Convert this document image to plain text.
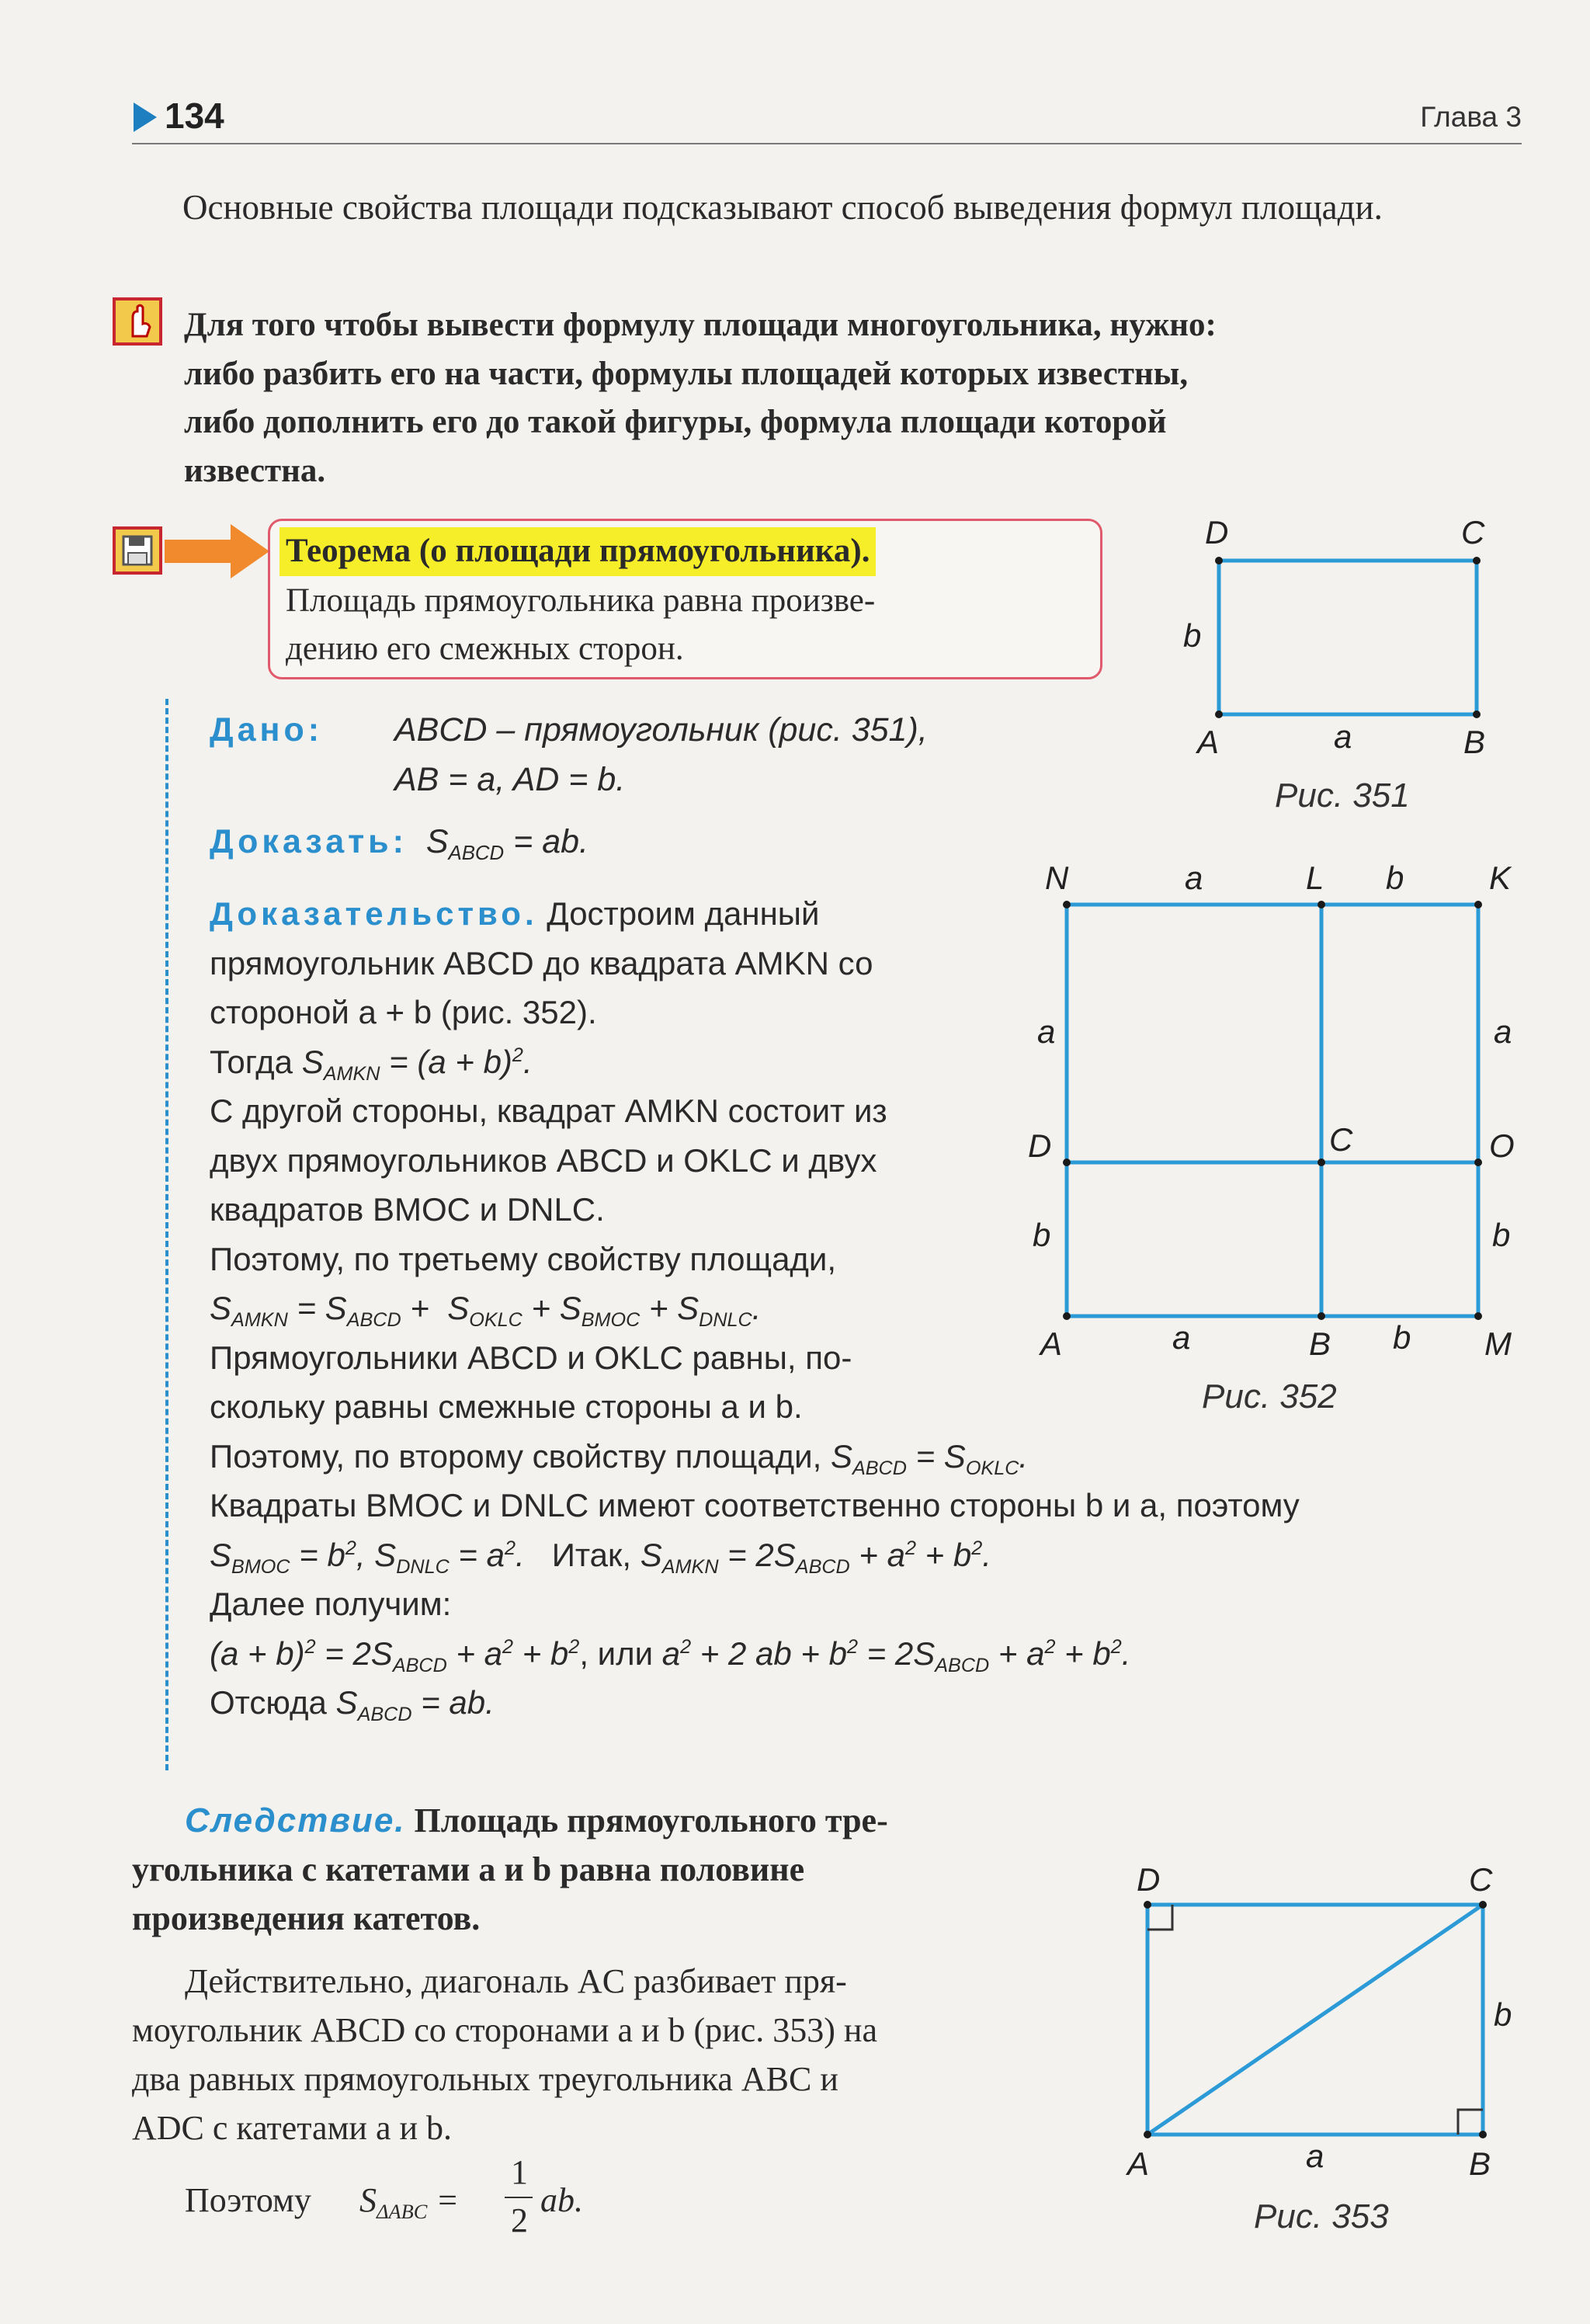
134	Глава 3
Основные свойства площади подсказывают способ выведения формул площади.
Для того чтобы вывести формулу площади многоугольника, нужно:
либо разбить его на части, формулы площадей которых известны,
либо дополнить его до такой фигуры, формула площади которой
известна.
Теорема (о площади прямоугольника).
Площадь прямоугольника равна произве-
дению его смежных сторон.
Дано: ABCD – прямоугольник (рис. 351),
AB = a, AD = b.
Доказать:  $S_{ABCD}$ = ab.
Доказательство. Достроим данный
прямоугольник ABCD до квадрата AMKN со
стороной a + b (рис. 352).
Тогда $S_{AMKN} = (a + b)^2$.
С другой стороны, квадрат AMKN состоит из
двух прямоугольников ABCD и OKLC и двух
квадратов BMOC и DNLC.
Поэтому, по третьему свойству площади,
$S_{AMKN} = S_{ABCD} + S_{OKLC} + S_{BMOC} + S_{DNLC}$.
Прямоугольники ABCD и OKLC равны, по-
скольку равны смежные стороны a и b.
Поэтому, по второму свойству площади, $S_{ABCD} = S_{OKLC}$.
Квадраты BMOC и DNLC имеют соответственно стороны b и a, поэтому
$S_{BMOC} = b^2$, $S_{DNLC} = a^2$.   Итак, $S_{AMKN} = 2S_{ABCD} + a^2 + b^2$.
Далее получим:
$(a + b)^2 = 2S_{ABCD} + a^2 + b^2$, или $a^2 + 2$ ab + $b^2 = 2S_{ABCD} + a^2 + b^2$.
Отсюда $S_{ABCD}$ = ab.
Следствие. Площадь прямоугольного тре-
угольника с катетами a и b равна половине
произведения катетов.
Действительно, диагональ AC разбивает пря-
моугольник ABCD со сторонами a и b (рис. 353) на
два равных прямоугольных треугольника ABC и
ADC с катетами a и b.
Поэтому $S_{\Delta ABC}$ =
1
2
ab.
D	C
A	B
a
b
Рис. 351
N	L	K
D	C	O
A	B	M
a	b
a	a
b	b
a	b
Рис. 352
D	C
A	B
a
b
Рис. 353
